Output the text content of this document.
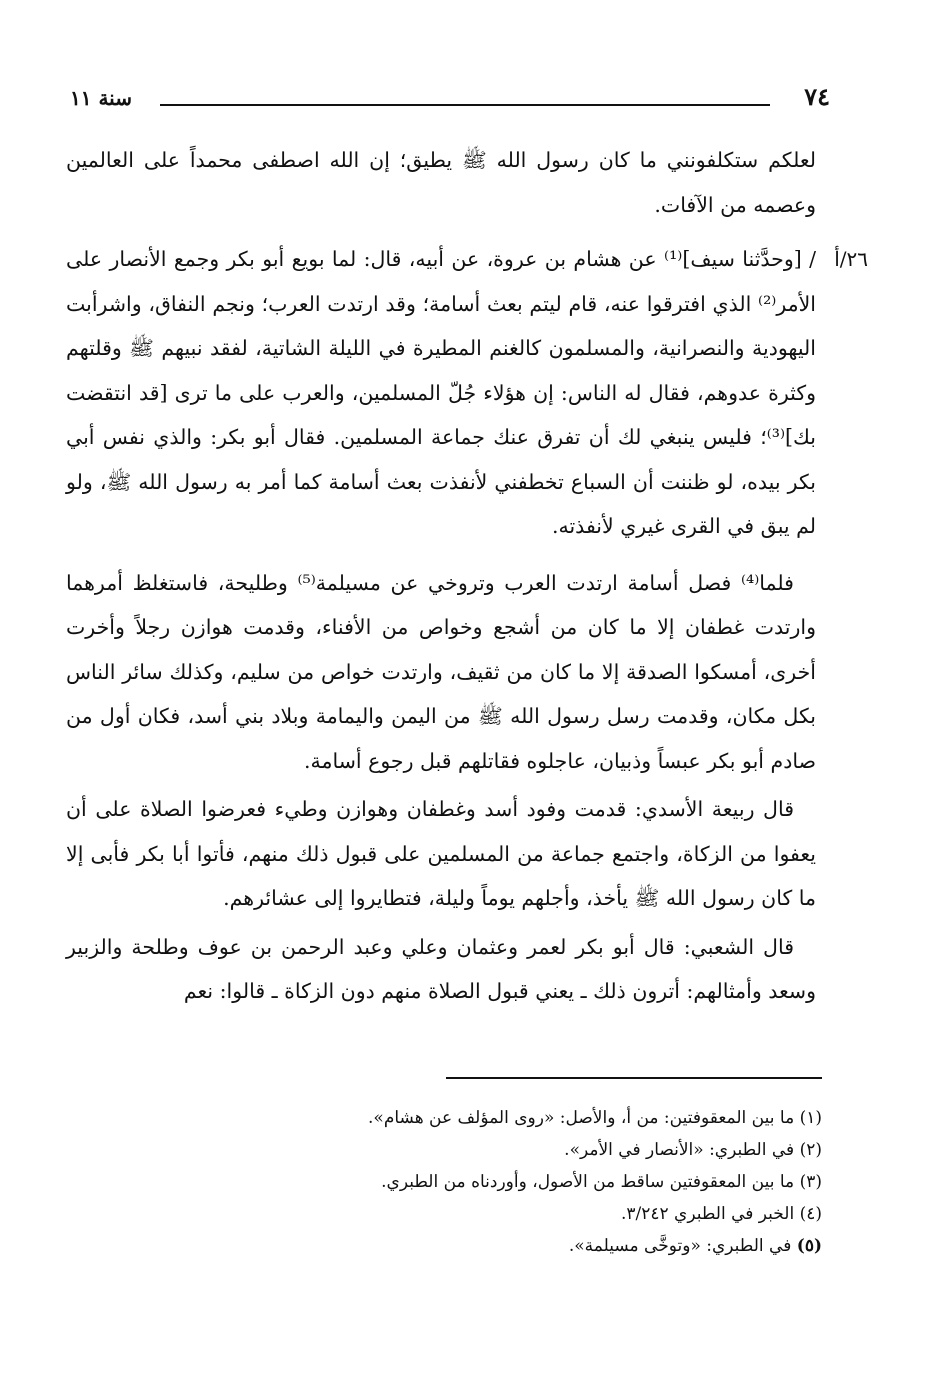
سنة ١١	٧٤

لعلكم ستكلفونني ما كان رسول الله ﷺ يطيق؛ إن الله اصطفى محمداً على العالمين وعصمه من الآفات.

٢٦/أ
/ [وحدَّثنا سيف]⁽¹⁾ عن هشام بن عروة، عن أبيه، قال: لما بويع أبو بكر وجمع الأنصار على الأمر⁽²⁾ الذي افترقوا عنه، قام ليتم بعث أسامة؛ وقد ارتدت العرب؛ ونجم النفاق، واشرأبت اليهودية والنصرانية، والمسلمون كالغنم المطيرة في الليلة الشاتية، لفقد نبيهم ﷺ وقلتهم وكثرة عدوهم، فقال له الناس: إن هؤلاء جُلّ المسلمين، والعرب على ما ترى [قد انتقضت بك]⁽³⁾؛ فليس ينبغي لك أن تفرق عنك جماعة المسلمين. فقال أبو بكر: والذي نفس أبي بكر بيده، لو ظننت أن السباع تخطفني لأنفذت بعث أسامة كما أمر به رسول الله ﷺ، ولو لم يبق في القرى غيري لأنفذته.

فلما⁽⁴⁾ فصل أسامة ارتدت العرب وتروخي عن مسيلمة⁽⁵⁾ وطليحة، فاستغلظ أمرهما وارتدت غطفان إلا ما كان من أشجع وخواص من الأفناء، وقدمت هوازن رجلاً وأخرت أخرى، أمسكوا الصدقة إلا ما كان من ثقيف، وارتدت خواص من سليم، وكذلك سائر الناس بكل مكان، وقدمت رسل رسول الله ﷺ من اليمن واليمامة وبلاد بني أسد، فكان أول من صادم أبو بكر عبساً وذبيان، عاجلوه فقاتلهم قبل رجوع أسامة.

قال ربيعة الأسدي: قدمت وفود أسد وغطفان وهوازن وطيء فعرضوا الصلاة على أن يعفوا من الزكاة، واجتمع جماعة من المسلمين على قبول ذلك منهم، فأتوا أبا بكر فأبى إلا ما كان رسول الله ﷺ يأخذ، وأجلهم يوماً وليلة، فتطايروا إلى عشائرهم.

قال الشعبي: قال أبو بكر لعمر وعثمان وعلي وعبد الرحمن بن عوف وطلحة والزبير وسعد وأمثالهم: أترون ذلك ـ يعني قبول الصلاة منهم دون الزكاة ـ قالوا: نعم

(١) ما بين المعقوفتين: من أ، والأصل: «روى المؤلف عن هشام».

(٢) في الطبري: «الأنصار في الأمر».

(٣) ما بين المعقوفتين ساقط من الأصول، وأوردناه من الطبري.

(٤) الخبر في الطبري ٣/٢٤٢.

(٥) في الطبري: «وتوخَّى مسيلمة».
